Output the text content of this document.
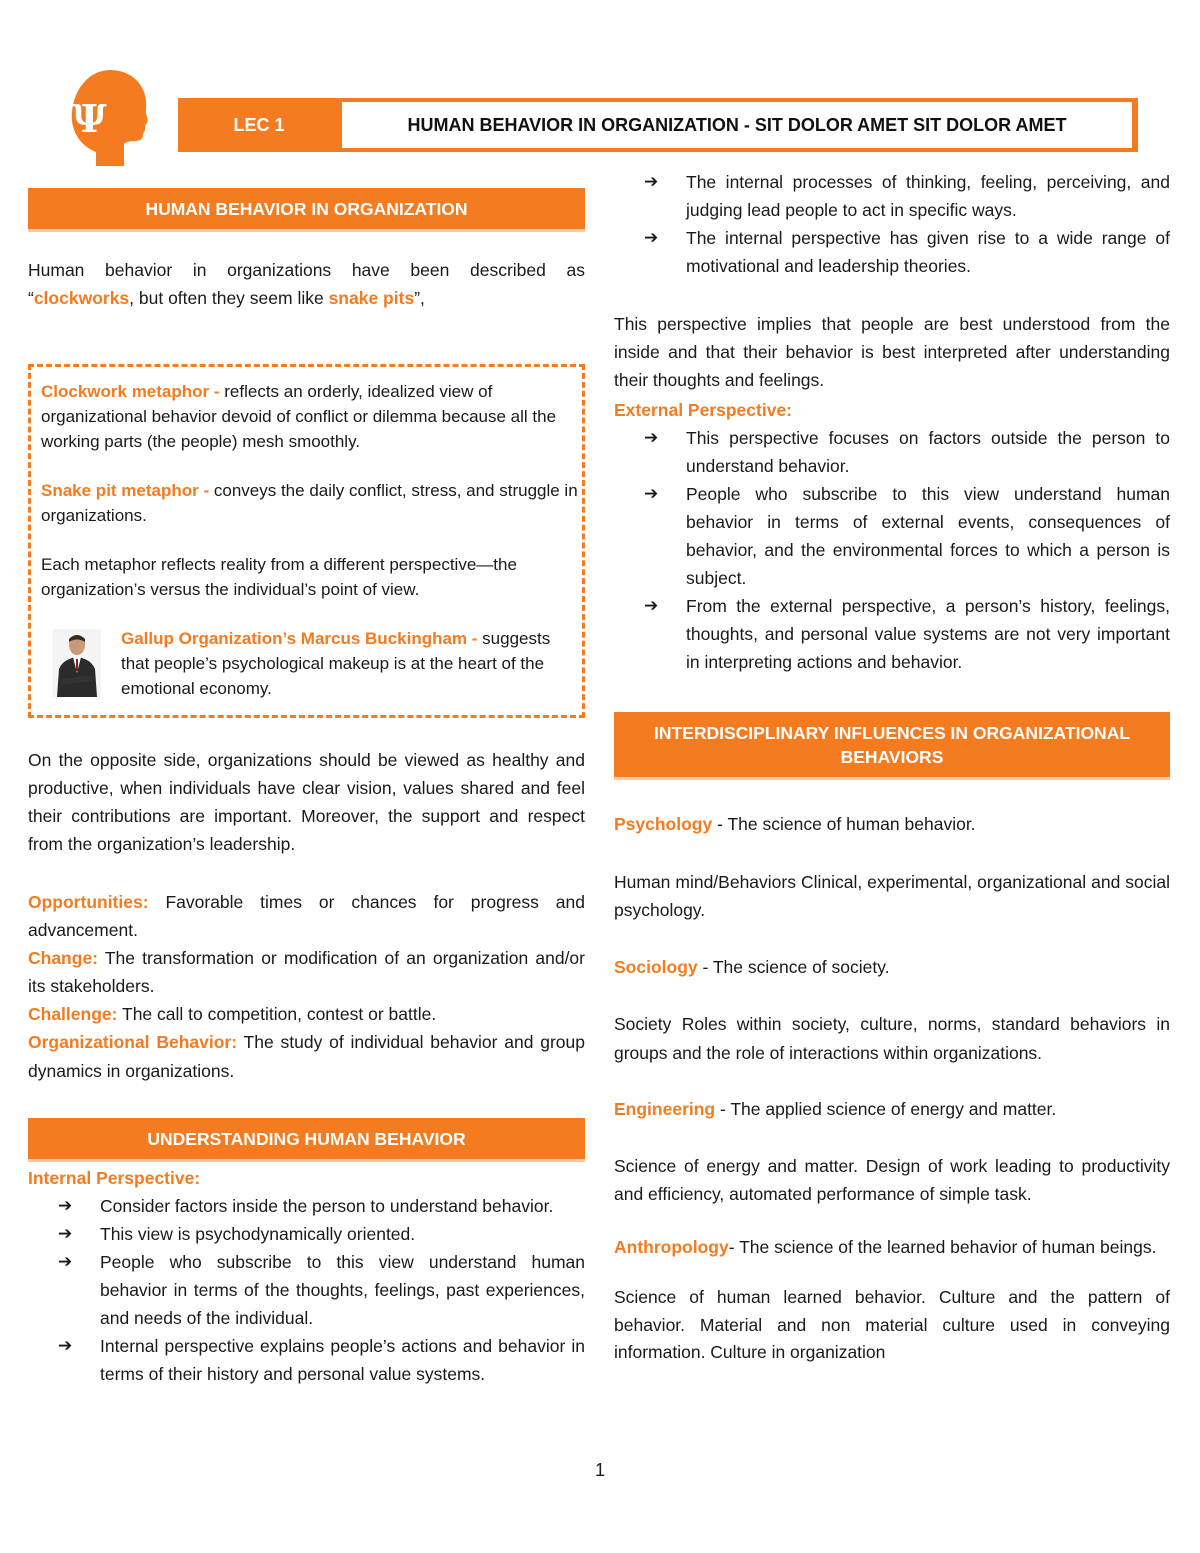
Ψ	LEC 1	HUMAN BEHAVIOR IN ORGANIZATION - SIT DOLOR AMET SIT DOLOR AMET
HUMAN BEHAVIOR IN ORGANIZATION
Human behavior in organizations have been described as “clockworks, but often they seem like snake pits”,

Clockwork metaphor - reflects an orderly, idealized view of organizational behavior devoid of conflict or dilemma because all the working parts (the people) mesh smoothly.

Snake pit metaphor - conveys the daily conflict, stress, and struggle in organizations.

Each metaphor reflects reality from a different perspective—the organization’s versus the individual’s point of view.

Gallup Organization’s Marcus Buckingham - suggests that people’s psychological makeup is at the heart of the emotional economy.

On the opposite side, organizations should be viewed as healthy and productive, when individuals have clear vision, values shared and feel their contributions are important. Moreover, the support and respect from the organization’s leadership.
Opportunities: Favorable times or chances for progress and advancement.
Change: The transformation or modification of an organization and/or its stakeholders.
Challenge: The call to competition, contest or battle.
Organizational Behavior: The study of individual behavior and group dynamics in organizations.
UNDERSTANDING HUMAN BEHAVIOR
Internal Perspective:
➔ Consider factors inside the person to understand behavior.
➔ This view is psychodynamically oriented.
➔ People who subscribe to this view understand human behavior in terms of the thoughts, feelings, past experiences, and needs of the individual.
➔ Internal perspective explains people’s actions and behavior in terms of their history and personal value systems.
➔ The internal processes of thinking, feeling, perceiving, and judging lead people to act in specific ways.
➔ The internal perspective has given rise to a wide range of motivational and leadership theories.
This perspective implies that people are best understood from the inside and that their behavior is best interpreted after understanding their thoughts and feelings.
External Perspective:
➔ This perspective focuses on factors outside the person to understand behavior.
➔ People who subscribe to this view understand human behavior in terms of external events, consequences of behavior, and the environmental forces to which a person is subject.
➔ From the external perspective, a person’s history, feelings, thoughts, and personal value systems are not very important in interpreting actions and behavior.
INTERDISCIPLINARY INFLUENCES IN ORGANIZATIONAL BEHAVIORS
Psychology - The science of human behavior.
Human mind/Behaviors Clinical, experimental, organizational and social psychology.
Sociology - The science of society.
Society Roles within society, culture, norms, standard behaviors in groups and the role of interactions within organizations.
Engineering - The applied science of energy and matter.
Science of energy and matter. Design of work leading to productivity and efficiency, automated performance of simple task.
Anthropology- The science of the learned behavior of human beings.
Science of human learned behavior. Culture and the pattern of behavior. Material and non material culture used in conveying information. Culture in organization
1
